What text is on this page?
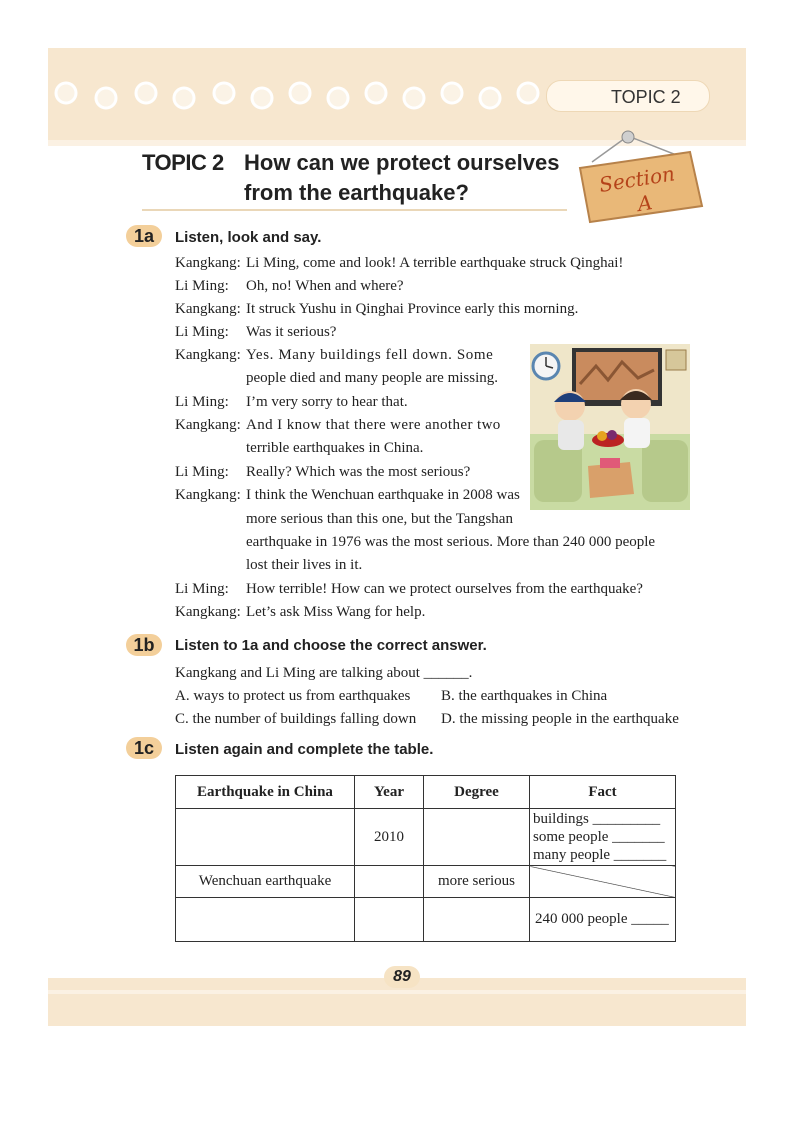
TOPIC 2
TOPIC 2 How can we protect ourselves
from the earthquake?	Section
A
1a	Listen, look and say.
Kangkang: Li Ming, come and look! A terrible earthquake struck Qinghai!
Li Ming: Oh, no! When and where?
Kangkang: It struck Yushu in Qinghai Province early this morning.
Li Ming: Was it serious?
Kangkang: Yes. Many buildings fell down. Some
people died and many people are missing.
Li Ming: I’m very sorry to hear that.
Kangkang: And I know that there were another two
terrible earthquakes in China.
Li Ming: Really? Which was the most serious?
Kangkang: I think the Wenchuan earthquake in 2008 was
more serious than this one, but the Tangshan
earthquake in 1976 was the most serious. More than 240 000 people
lost their lives in it.
Li Ming: How terrible! How can we protect ourselves from the earthquake?
Kangkang: Let’s ask Miss Wang for help.
1b	Listen to 1a and choose the correct answer.
Kangkang and Li Ming are talking about ______.
A. ways to protect us from earthquakes B. the earthquakes in China
C. the number of buildings falling down D. the missing people in the earthquake
1c	Listen again and complete the table.
Earthquake in China	Year	Degree	Fact
	2010		buildings _________
some people _______
many people _______

Wenchuan earthquake		more serious	
			240 000 people _____
89
